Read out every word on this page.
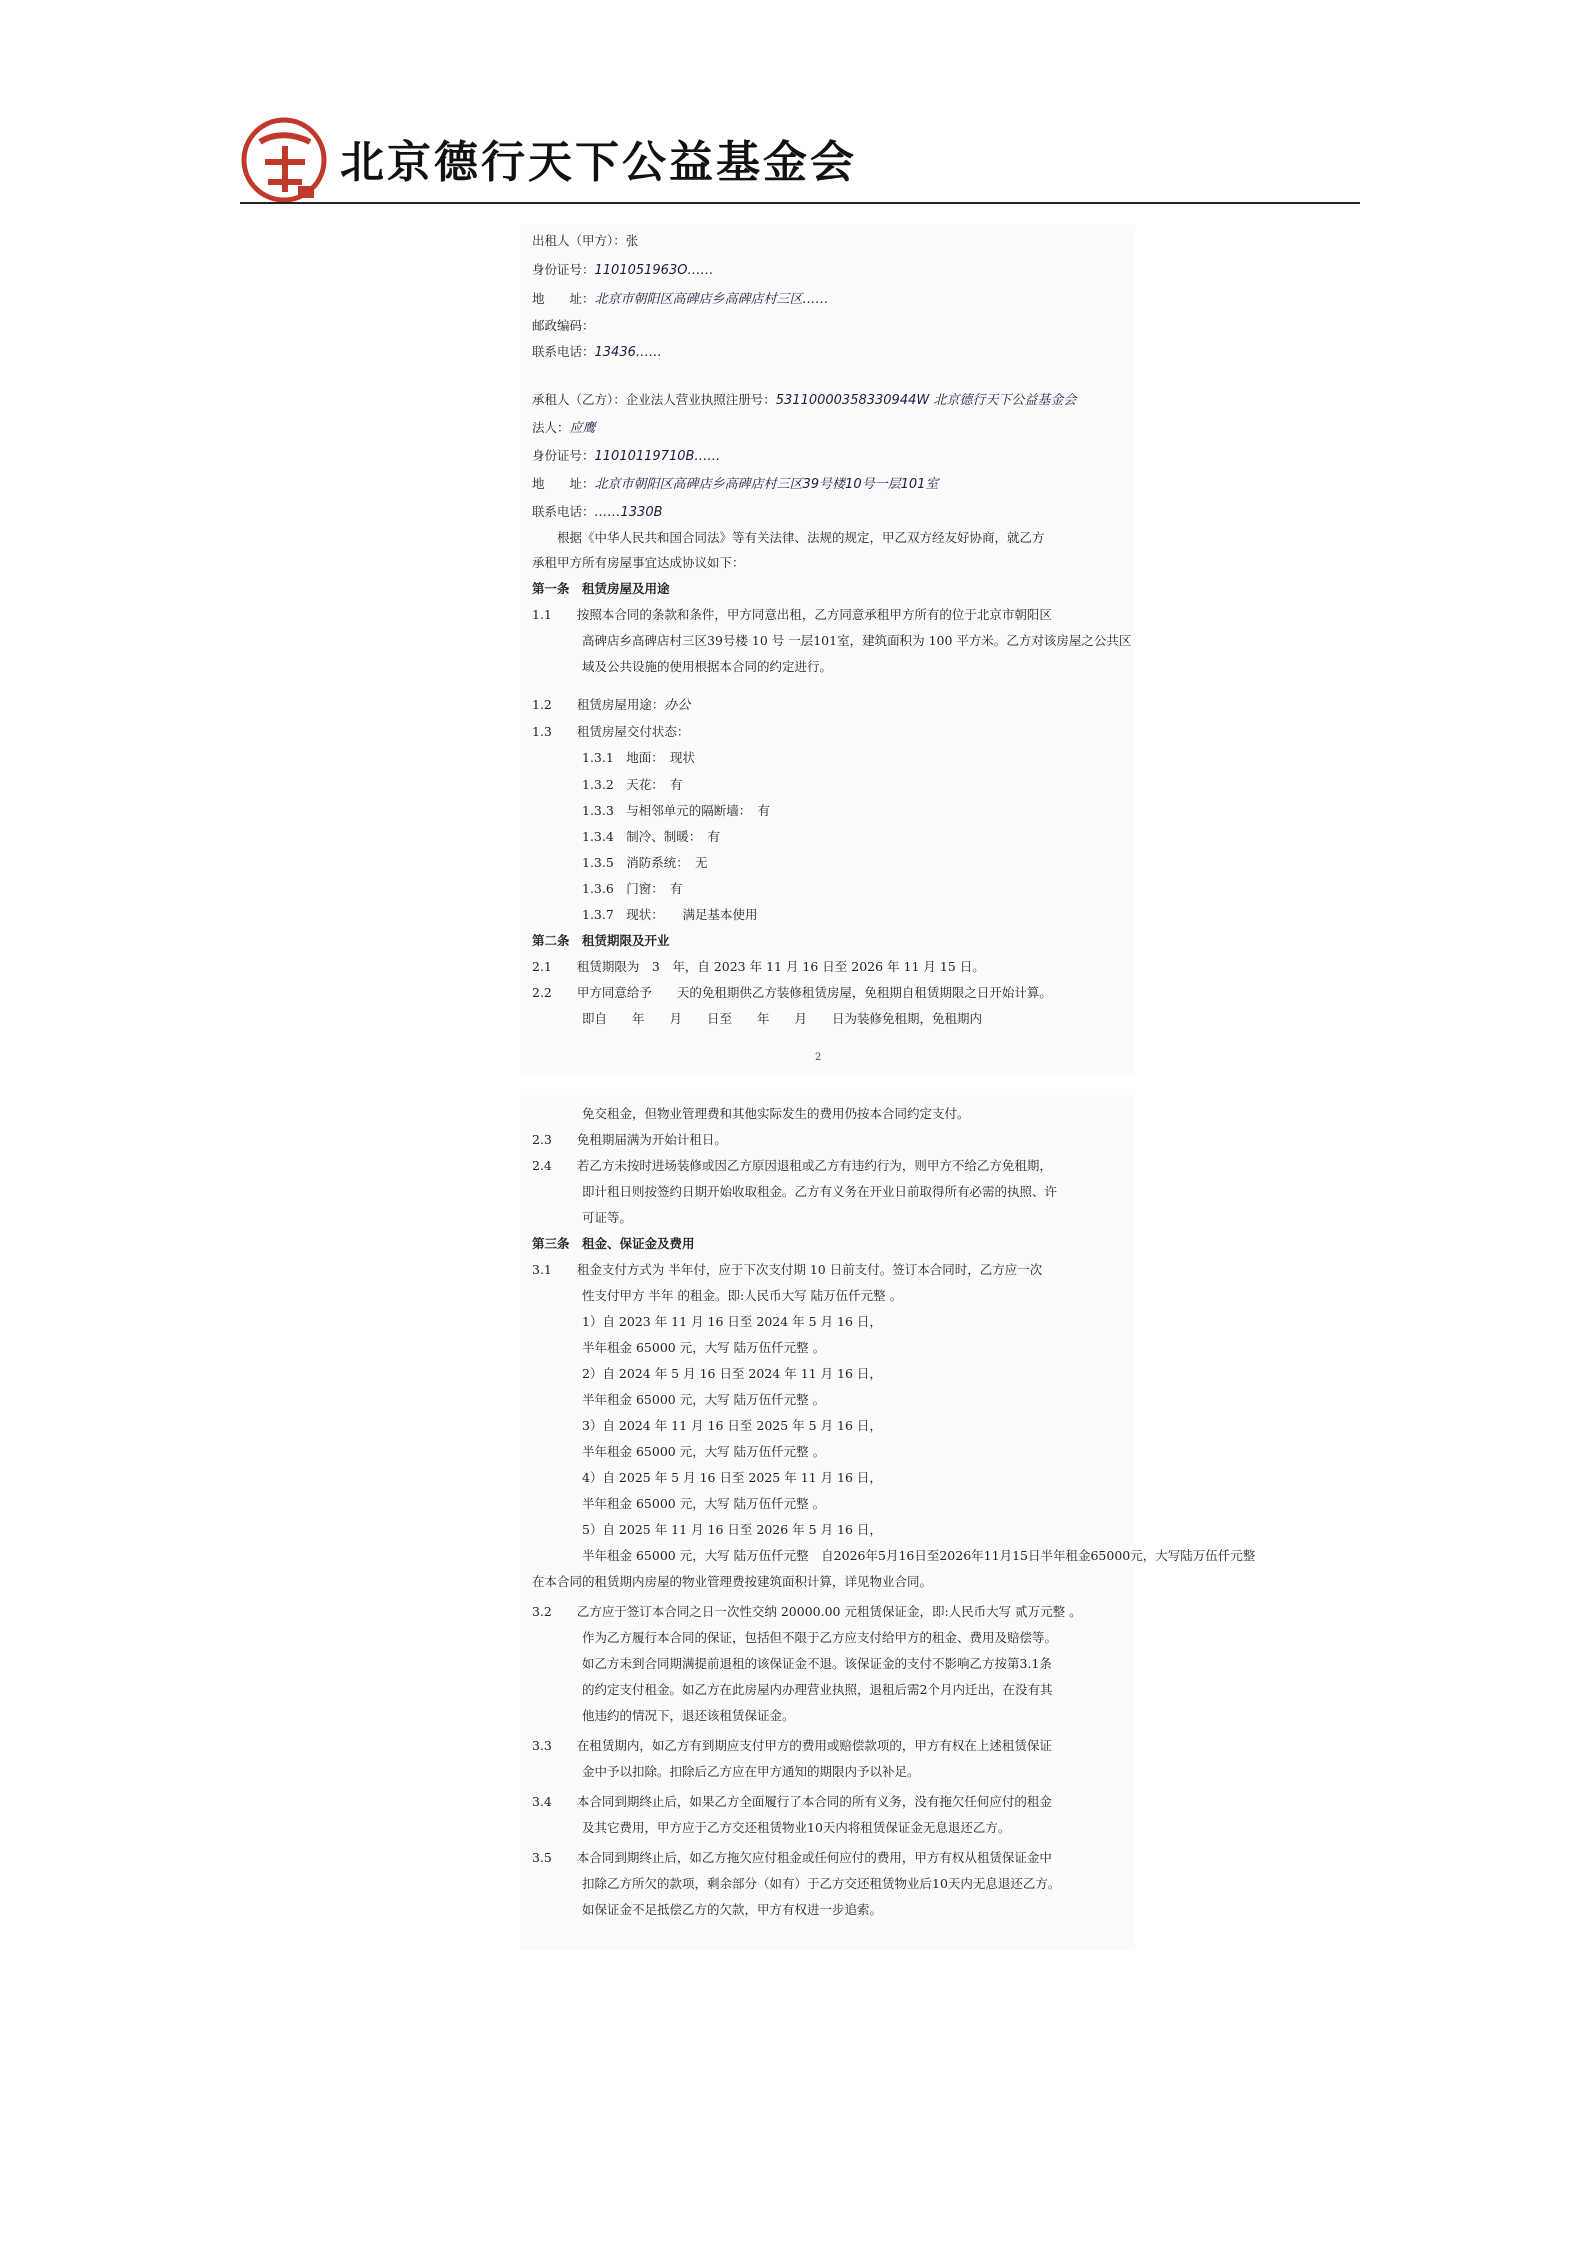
北京德行天下公益基金会
出租人（甲方）：张
身份证号：1101051963O……
地　　址：北京市朝阳区高碑店乡高碑店村三区……
邮政编码：
联系电话：13436……
承租人（乙方）：企业法人营业执照注册号：53110000358330944W 北京德行天下公益基金会
法人：应鹰
身份证号：11010119710B……
地　　址：北京市朝阳区高碑店乡高碑店村三区39号楼10号一层101室
联系电话：……1330B
　　根据《中华人民共和国合同法》等有关法律、法规的规定，甲乙双方经友好协商，就乙方
承租甲方所有房屋事宜达成协议如下：
第一条　租赁房屋及用途
1.1　　按照本合同的条款和条件，甲方同意出租，乙方同意承租甲方所有的位于北京市朝阳区
　　　　高碑店乡高碑店村三区39号楼 10 号 一层101室，建筑面积为 100 平方米。乙方对该房屋之公共区
　　　　域及公共设施的使用根据本合同的约定进行。
1.2　　租赁房屋用途：办公
1.3　　租赁房屋交付状态：
　　　　1.3.1　地面：　现状　
　　　　1.3.2　天花：　有　
　　　　1.3.3　与相邻单元的隔断墙：　有　
　　　　1.3.4　制冷、制暖：　有　
　　　　1.3.5　消防系统：　无　
　　　　1.3.6　门窗：　有　
　　　　1.3.7　现状：　　满足基本使用　　
第二条　租赁期限及开业
2.1　　租赁期限为　3　年，自 2023 年 11 月 16 日至 2026 年 11 月 15 日。
2.2　　甲方同意给予　　天的免租期供乙方装修租赁房屋，免租期自租赁期限之日开始计算。
　　　　即自　　年　　月　　日至　　年　　月　　日为装修免租期，免租期内
　　　　免交租金，但物业管理费和其他实际发生的费用仍按本合同约定支付。
2.3　　免租期届满为开始计租日。
2.4　　若乙方未按时进场装修或因乙方原因退租或乙方有违约行为，则甲方不给乙方免租期，
　　　　即计租日则按签约日期开始收取租金。乙方有义务在开业日前取得所有必需的执照、许
　　　　可证等。
第三条　租金、保证金及费用
3.1　　租金支付方式为 半年付，应于下次支付期 10 日前支付。签订本合同时，乙方应一次
　　　　性支付甲方 半年 的租金。即:人民币大写 陆万伍仟元整 。
　　　　1）自 2023 年 11 月 16 日至 2024 年 5 月 16 日，
　　　　半年租金 65000 元，大写 陆万伍仟元整 。
　　　　2）自 2024 年 5 月 16 日至 2024 年 11 月 16 日，
　　　　半年租金 65000 元，大写 陆万伍仟元整 。
　　　　3）自 2024 年 11 月 16 日至 2025 年 5 月 16 日，
　　　　半年租金 65000 元，大写 陆万伍仟元整 。
　　　　4）自 2025 年 5 月 16 日至 2025 年 11 月 16 日，
　　　　半年租金 65000 元，大写 陆万伍仟元整 。
　　　　5）自 2025 年 11 月 16 日至 2026 年 5 月 16 日，
　　　　半年租金 65000 元，大写 陆万伍仟元整　自2026年5月16日至2026年11月15日半年租金65000元，大写陆万伍仟元整
在本合同的租赁期内房屋的物业管理费按建筑面积计算，详见物业合同。
3.2　　乙方应于签订本合同之日一次性交纳 20000.00 元租赁保证金，即:人民币大写 贰万元整 。
　　　　作为乙方履行本合同的保证，包括但不限于乙方应支付给甲方的租金、费用及赔偿等。
　　　　如乙方未到合同期满提前退租的该保证金不退。该保证金的支付不影响乙方按第3.1条
　　　　的约定支付租金。如乙方在此房屋内办理营业执照，退租后需2个月内迁出，在没有其
　　　　他违约的情况下，退还该租赁保证金。
3.3　　在租赁期内，如乙方有到期应支付甲方的费用或赔偿款项的，甲方有权在上述租赁保证
　　　　金中予以扣除。扣除后乙方应在甲方通知的期限内予以补足。
3.4　　本合同到期终止后，如果乙方全面履行了本合同的所有义务，没有拖欠任何应付的租金
　　　　及其它费用，甲方应于乙方交还租赁物业10天内将租赁保证金无息退还乙方。
3.5　　本合同到期终止后，如乙方拖欠应付租金或任何应付的费用，甲方有权从租赁保证金中
　　　　扣除乙方所欠的款项，剩余部分（如有）于乙方交还租赁物业后10天内无息退还乙方。
　　　　如保证金不足抵偿乙方的欠款，甲方有权进一步追索。
2
